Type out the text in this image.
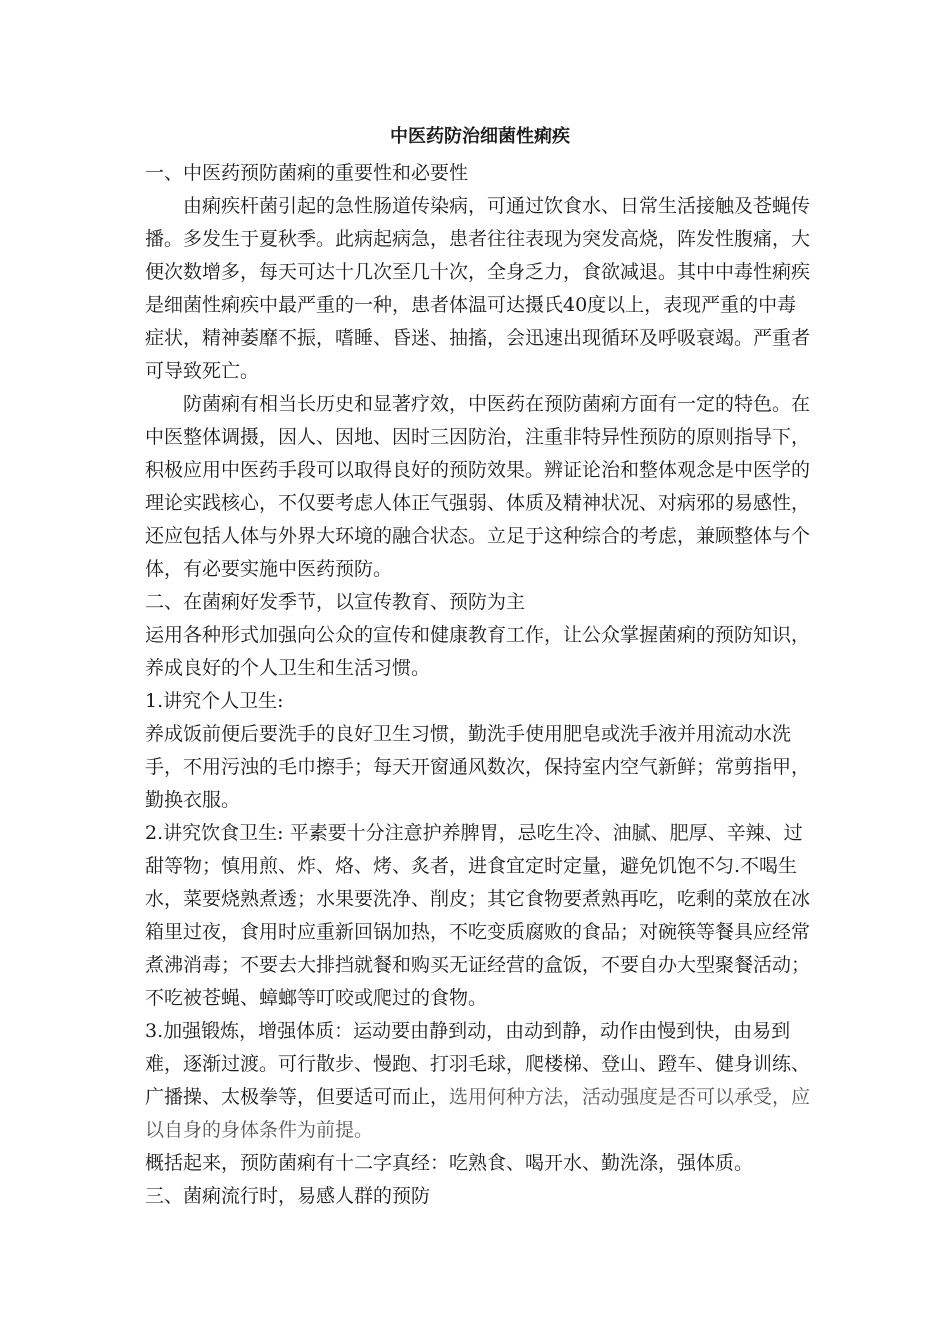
中医药防治细菌性痢疾

一、中医药预防菌痢的重要性和必要性

由痢疾杆菌引起的急性肠道传染病，可通过饮食水、日常生活接触及苍蝇传播。多发生于夏秋季。此病起病急，患者往往表现为突发高烧，阵发性腹痛，大便次数增多，每天可达十几次至几十次，全身乏力，食欲减退。其中中毒性痢疾是细菌性痢疾中最严重的一种，患者体温可达摄氏40度以上，表现严重的中毒症状，精神萎靡不振，嗜睡、昏迷、抽搐，会迅速出现循环及呼吸衰竭。严重者可导致死亡。

防菌痢有相当长历史和显著疗效，中医药在预防菌痢方面有一定的特色。在中医整体调摄，因人、因地、因时三因防治，注重非特异性预防的原则指导下，积极应用中医药手段可以取得良好的预防效果。辨证论治和整体观念是中医学的理论实践核心，不仅要考虑人体正气强弱、体质及精神状况、对病邪的易感性，还应包括人体与外界大环境的融合状态。立足于这种综合的考虑，兼顾整体与个体，有必要实施中医药预防。

二、在菌痢好发季节，以宣传教育、预防为主

运用各种形式加强向公众的宣传和健康教育工作，让公众掌握菌痢的预防知识，养成良好的个人卫生和生活习惯。

1.讲究个人卫生:

养成饭前便后要洗手的良好卫生习惯，勤洗手使用肥皂或洗手液并用流动水洗手，不用污浊的毛巾擦手；每天开窗通风数次，保持室内空气新鲜；常剪指甲，勤换衣服。

2.讲究饮食卫生: 平素要十分注意护养脾胃，忌吃生冷、油腻、肥厚、辛辣、过甜等物；慎用煎、炸、烙、烤、炙者，进食宜定时定量，避免饥饱不匀.不喝生水，菜要烧熟煮透；水果要洗净、削皮；其它食物要煮熟再吃，吃剩的菜放在冰箱里过夜，食用时应重新回锅加热，不吃变质腐败的食品；对碗筷等餐具应经常煮沸消毒；不要去大排挡就餐和购买无证经营的盒饭，不要自办大型聚餐活动；不吃被苍蝇、蟑螂等叮咬或爬过的食物。

3.加强锻炼，增强体质：运动要由静到动，由动到静，动作由慢到快，由易到难，逐渐过渡。可行散步、慢跑、打羽毛球，爬楼梯、登山、蹬车、健身训练、广播操、太极拳等，但要适可而止，选用何种方法，活动强度是否可以承受，应以自身的身体条件为前提。

概括起来，预防菌痢有十二字真经：吃熟食、喝开水、勤洗涤，强体质。

三、菌痢流行时，易感人群的预防
